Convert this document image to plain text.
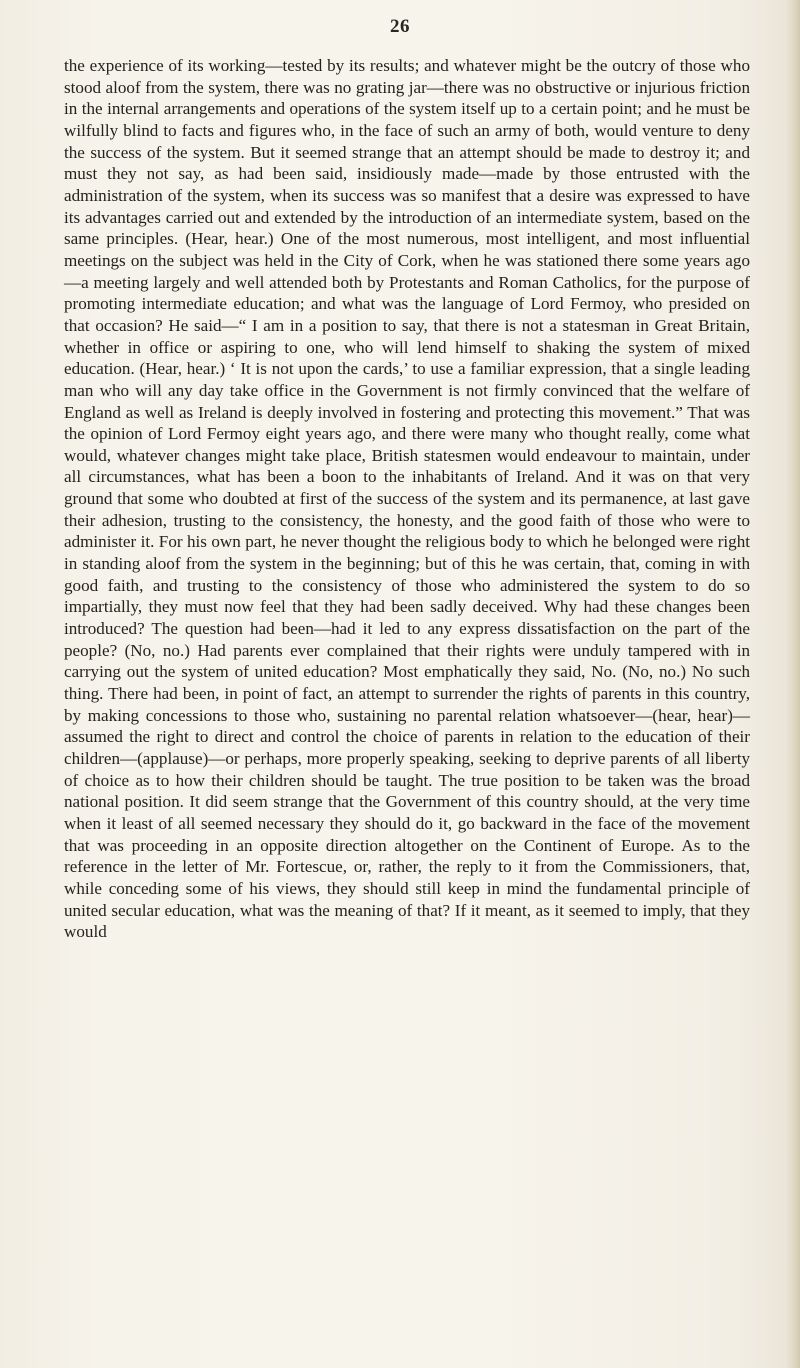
26

the experience of its working—tested by its results; and whatever might be the outcry of those who stood aloof from the system, there was no grating jar—there was no obstructive or injurious friction in the internal arrangements and operations of the system itself up to a certain point; and he must be wilfully blind to facts and figures who, in the face of such an army of both, would venture to deny the success of the system. But it seemed strange that an attempt should be made to destroy it; and must they not say, as had been said, insidiously made—made by those entrusted with the administration of the system, when its success was so manifest that a desire was expressed to have its advantages carried out and extended by the introduction of an intermediate system, based on the same principles. (Hear, hear.) One of the most numerous, most intelligent, and most influential meetings on the subject was held in the City of Cork, when he was stationed there some years ago—a meeting largely and well attended both by Protestants and Roman Catholics, for the purpose of promoting intermediate education; and what was the language of Lord Fermoy, who presided on that occasion? He said—“ I am in a position to say, that there is not a statesman in Great Britain, whether in office or aspiring to one, who will lend himself to shaking the system of mixed education. (Hear, hear.) ‘ It is not upon the cards,’ to use a familiar expression, that a single leading man who will any day take office in the Government is not firmly convinced that the welfare of England as well as Ireland is deeply involved in fostering and protecting this movement.” That was the opinion of Lord Fermoy eight years ago, and there were many who thought really, come what would, whatever changes might take place, British statesmen would endeavour to maintain, under all circumstances, what has been a boon to the inhabitants of Ireland. And it was on that very ground that some who doubted at first of the success of the system and its permanence, at last gave their adhesion, trusting to the consistency, the honesty, and the good faith of those who were to administer it. For his own part, he never thought the religious body to which he belonged were right in standing aloof from the system in the beginning; but of this he was certain, that, coming in with good faith, and trusting to the consistency of those who administered the system to do so impartially, they must now feel that they had been sadly deceived. Why had these changes been introduced? The question had been—had it led to any express dissatisfaction on the part of the people? (No, no.) Had parents ever complained that their rights were unduly tampered with in carrying out the system of united education? Most emphatically they said, No. (No, no.) No such thing. There had been, in point of fact, an attempt to surrender the rights of parents in this country, by making concessions to those who, sustaining no parental relation whatsoever—(hear, hear)—assumed the right to direct and control the choice of parents in relation to the education of their children—(applause)—or perhaps, more properly speaking, seeking to deprive parents of all liberty of choice as to how their children should be taught. The true position to be taken was the broad national position. It did seem strange that the Government of this country should, at the very time when it least of all seemed necessary they should do it, go backward in the face of the movement that was proceeding in an opposite direction altogether on the Continent of Europe. As to the reference in the letter of Mr. Fortescue, or, rather, the reply to it from the Commissioners, that, while conceding some of his views, they should still keep in mind the fundamental principle of united secular education, what was the meaning of that? If it meant, as it seemed to imply, that they would
